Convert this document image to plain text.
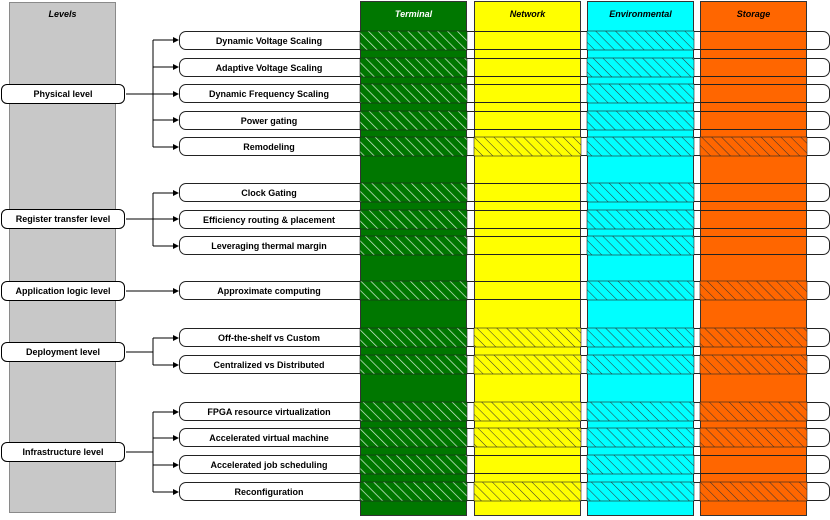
Levels	Terminal	Network	Environmental	Storage
Physical level
Register transfer level
Application logic level
Deployment level
Infrastructure level
Dynamic Voltage Scaling
Adaptive Voltage Scaling
Dynamic Frequency Scaling
Power gating
Remodeling
Clock Gating
Efficiency routing & placement
Leveraging thermal margin
Approximate computing
Off-the-shelf vs Custom
Centralized vs Distributed
FPGA resource virtualization
Accelerated virtual machine
Accelerated job scheduling
Reconfiguration
